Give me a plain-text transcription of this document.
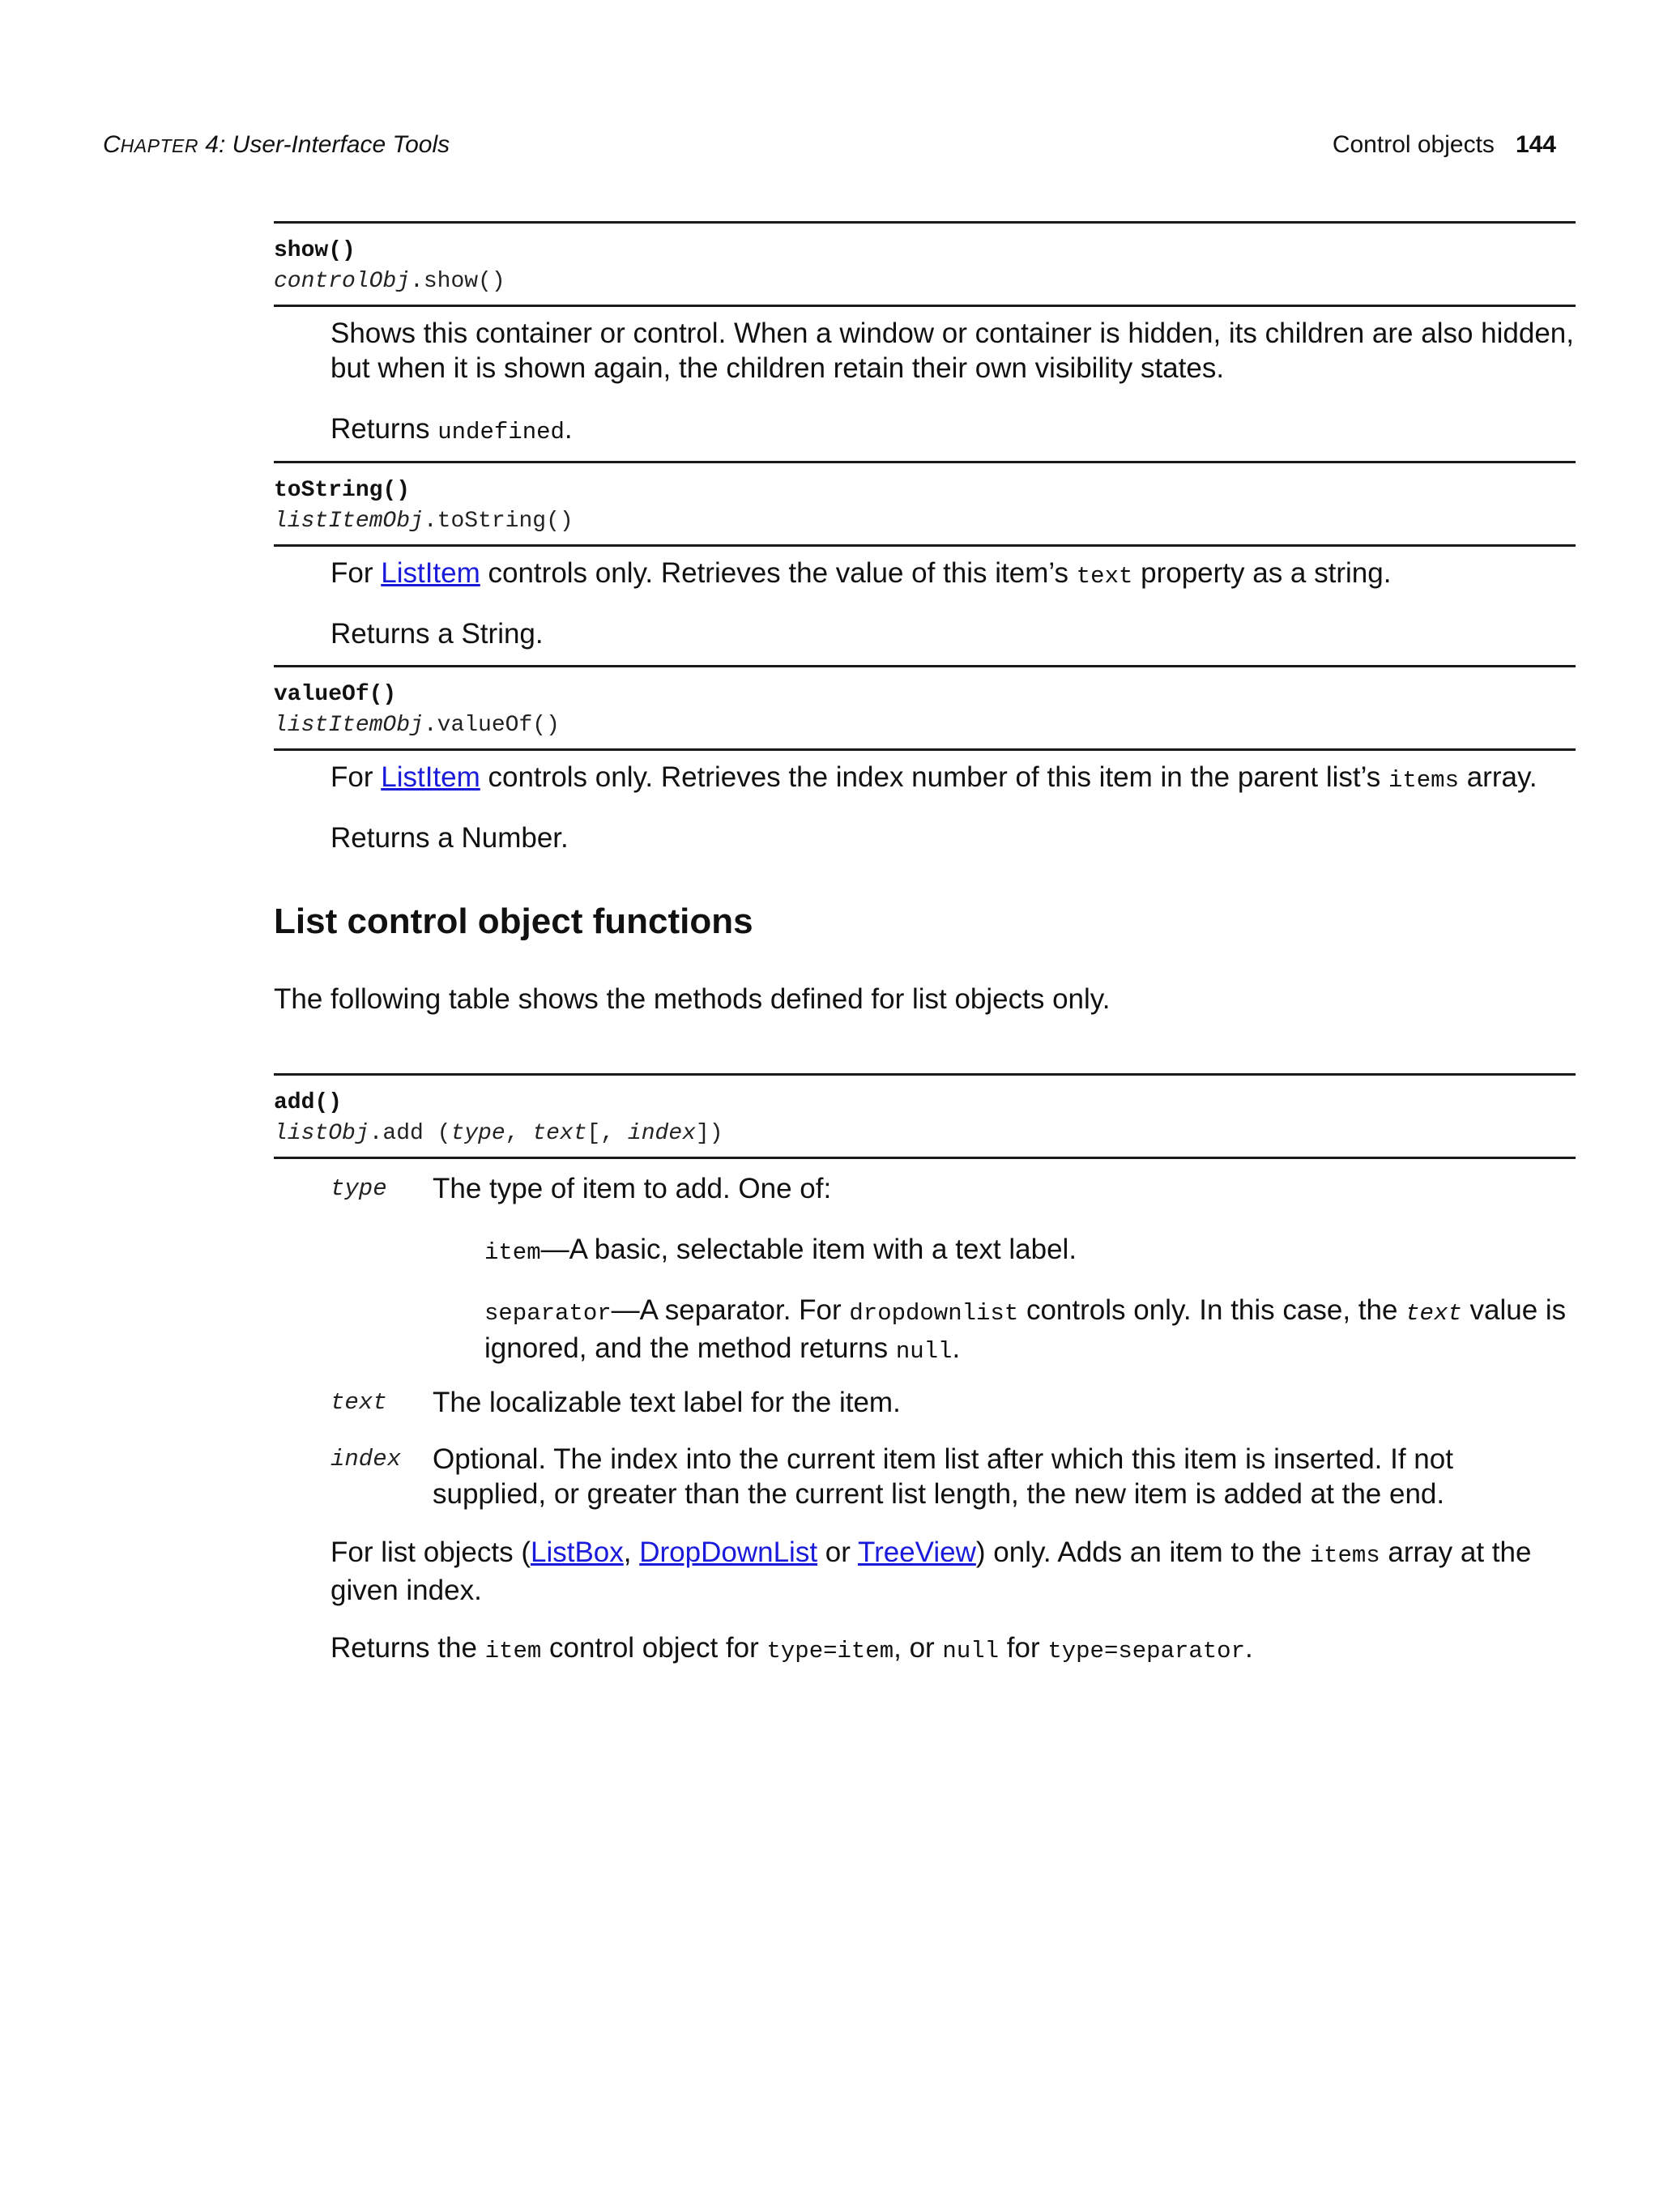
CHAPTER 4: User-Interface Tools	Control objects 144
show()
controlObj.show()
Shows this container or control. When a window or container is hidden, its children are also hidden, but when it is shown again, the children retain their own visibility states.
Returns undefined.
toString()
listItemObj.toString()
For ListItem controls only. Retrieves the value of this item’s text property as a string.
Returns a String.
valueOf()
listItemObj.valueOf()
For ListItem controls only. Retrieves the index number of this item in the parent list’s items array.
Returns a Number.
List control object functions
The following table shows the methods defined for list objects only.
add()
listObj.add (type, text[, index])
type The type of item to add. One of:
item—A basic, selectable item with a text label.
separator—A separator. For dropdownlist controls only. In this case, the text value is ignored, and the method returns null.
text The localizable text label for the item.
index Optional. The index into the current item list after which this item is inserted. If not supplied, or greater than the current list length, the new item is added at the end.
For list objects (ListBox, DropDownList or TreeView) only. Adds an item to the items array at the given index.
Returns the item control object for type=item, or null for type=separator.
